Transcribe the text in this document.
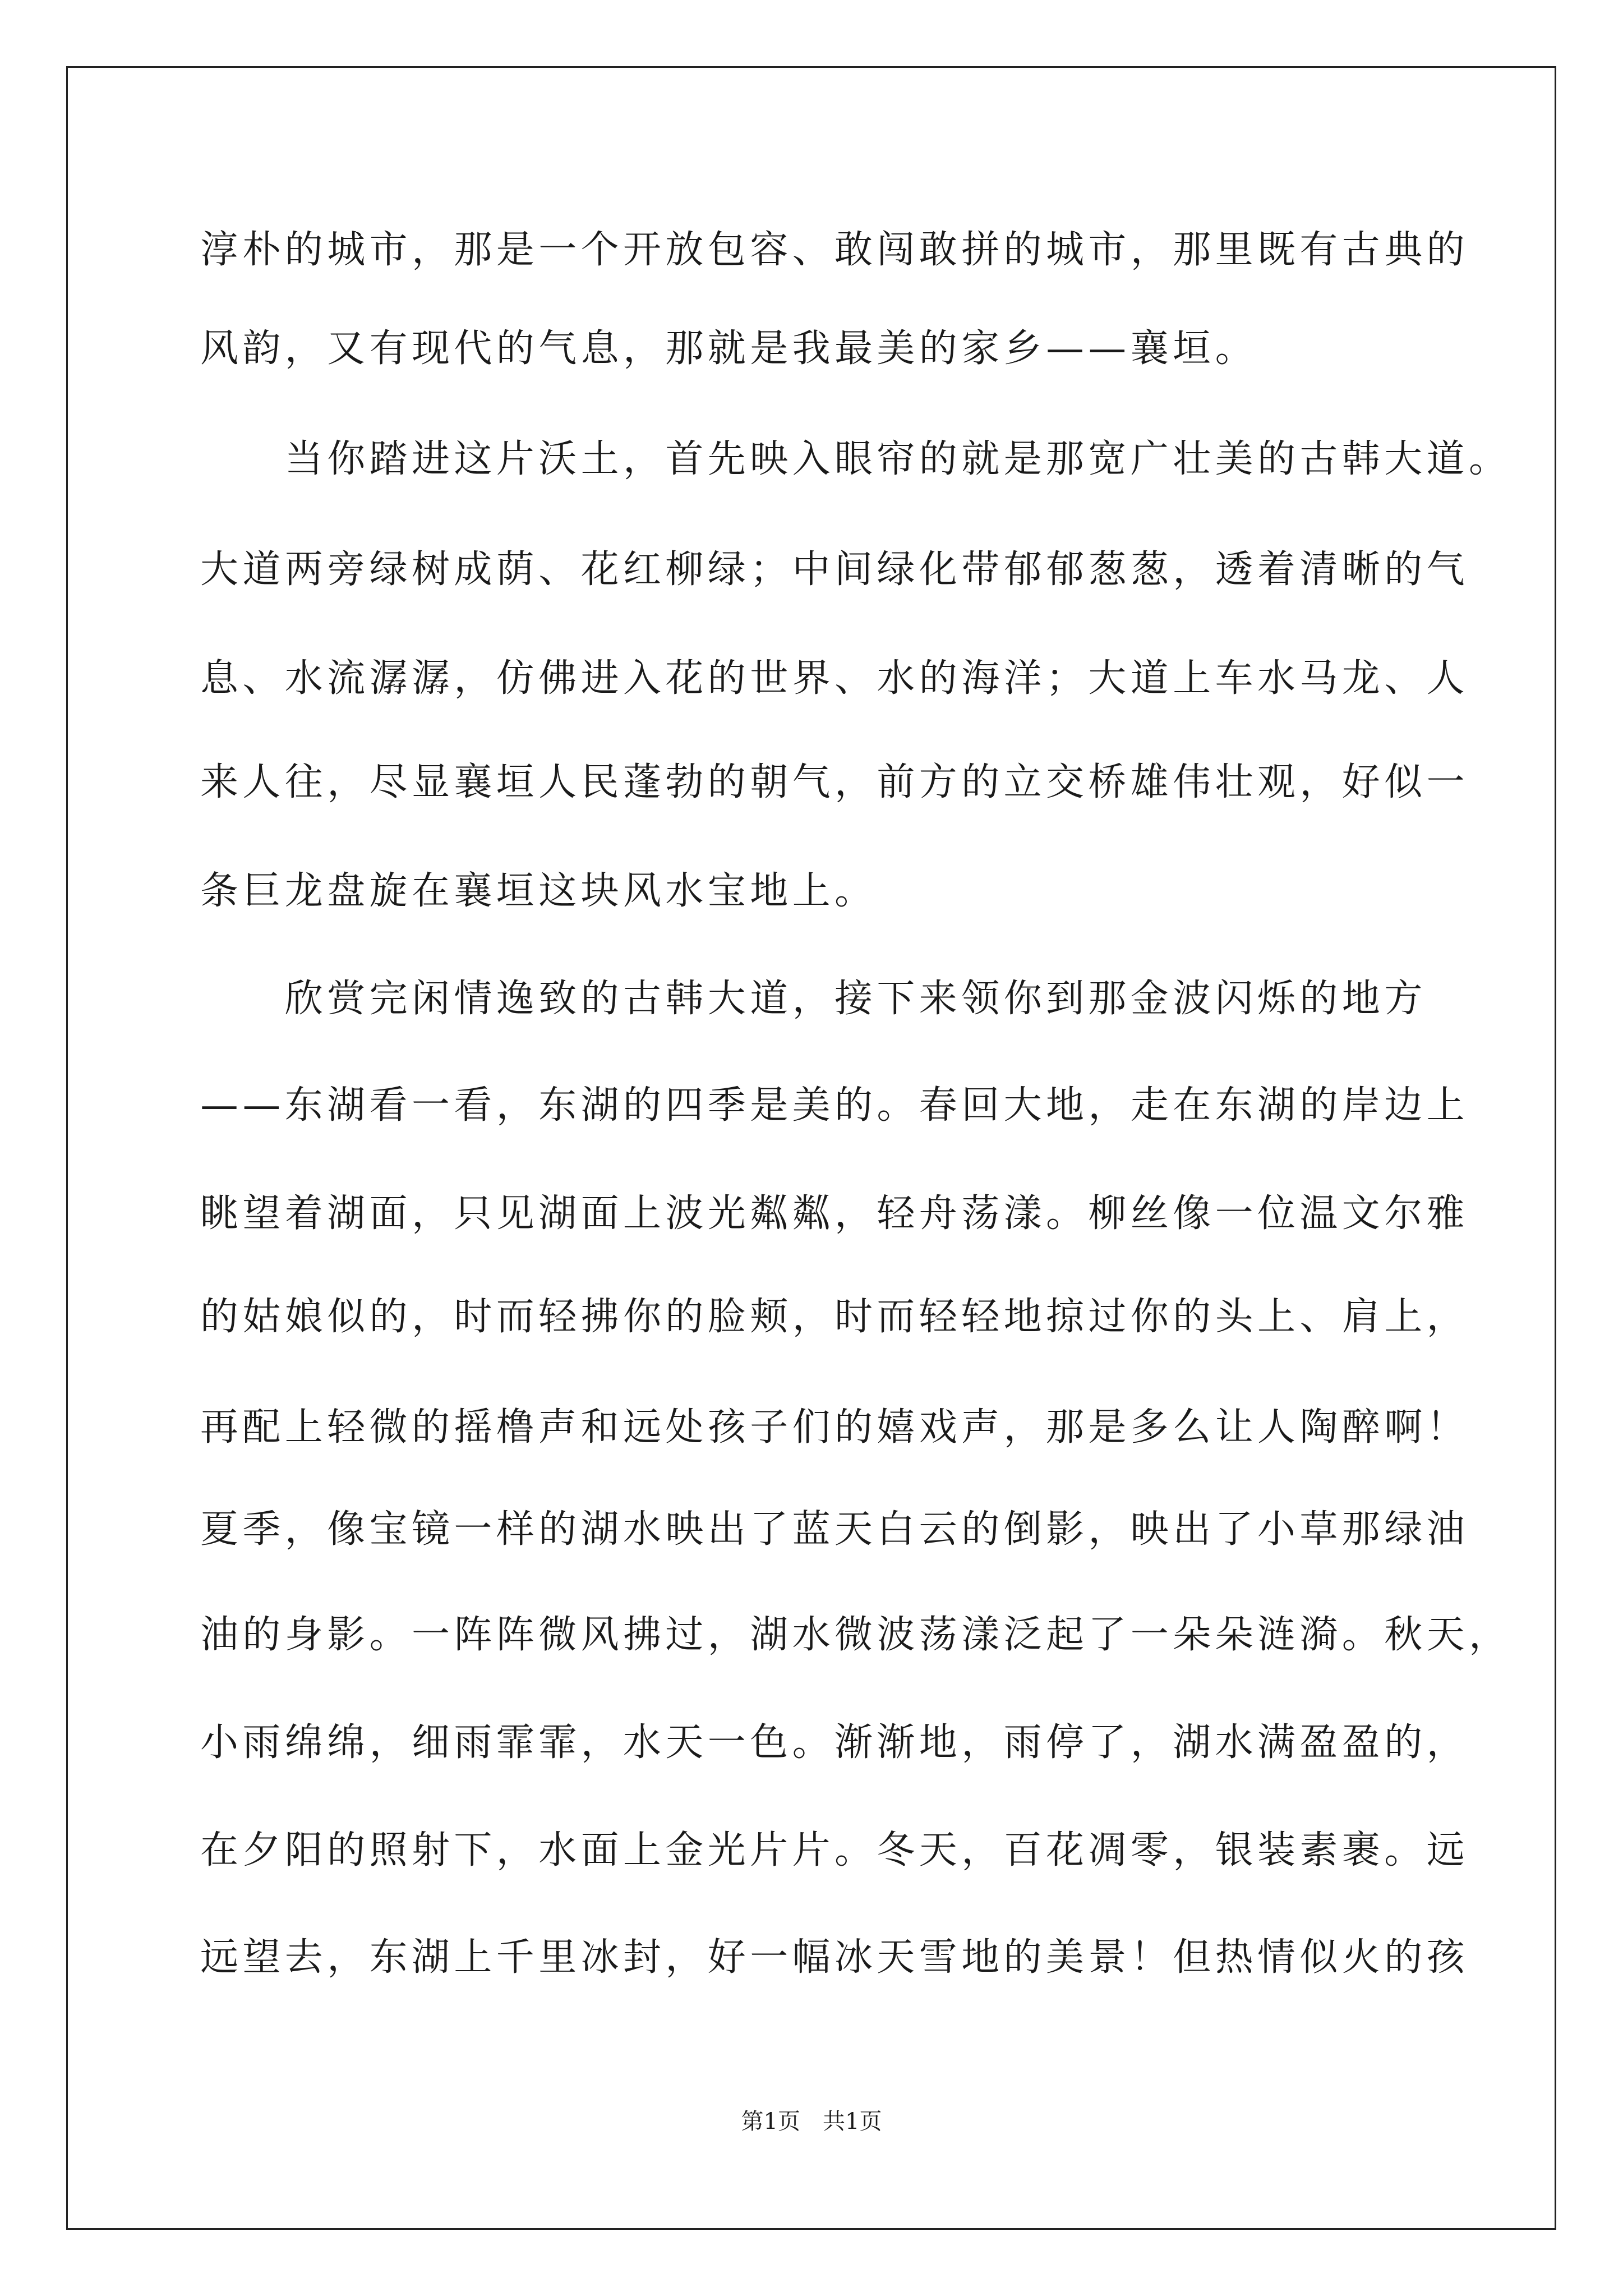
淳朴的城市，那是一个开放包容、敢闯敢拼的城市，那里既有古典的
风韵，又有现代的气息，那就是我最美的家乡——襄垣。
　　当你踏进这片沃土，首先映入眼帘的就是那宽广壮美的古韩大道。
大道两旁绿树成荫、花红柳绿；中间绿化带郁郁葱葱，透着清晰的气
息、水流潺潺，仿佛进入花的世界、水的海洋；大道上车水马龙、人
来人往，尽显襄垣人民蓬勃的朝气，前方的立交桥雄伟壮观，好似一
条巨龙盘旋在襄垣这块风水宝地上。
　　欣赏完闲情逸致的古韩大道，接下来领你到那金波闪烁的地方
——东湖看一看，东湖的四季是美的。春回大地，走在东湖的岸边上
眺望着湖面，只见湖面上波光粼粼，轻舟荡漾。柳丝像一位温文尔雅
的姑娘似的，时而轻拂你的脸颊，时而轻轻地掠过你的头上、肩上，
再配上轻微的摇橹声和远处孩子们的嬉戏声，那是多么让人陶醉啊！
夏季，像宝镜一样的湖水映出了蓝天白云的倒影，映出了小草那绿油
油的身影。一阵阵微风拂过，湖水微波荡漾泛起了一朵朵涟漪。秋天，
小雨绵绵，细雨霏霏，水天一色。渐渐地，雨停了，湖水满盈盈的，
在夕阳的照射下，水面上金光片片。冬天，百花凋零，银装素裹。远
远望去，东湖上千里冰封，好一幅冰天雪地的美景！但热情似火的孩
第1页　共1页
